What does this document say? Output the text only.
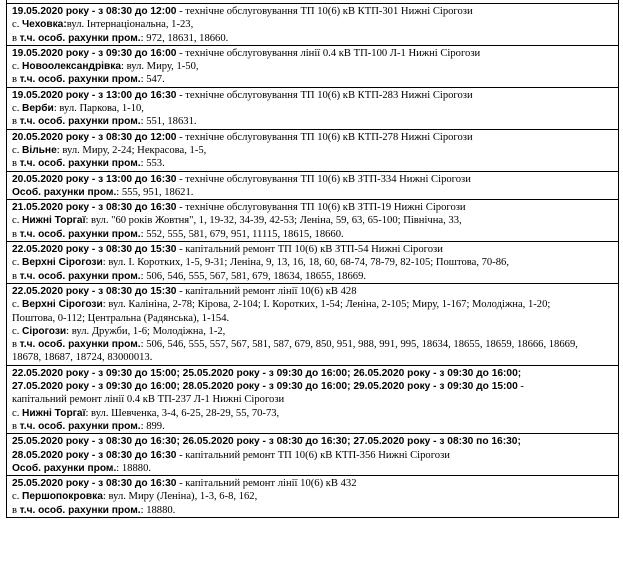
19.05.2020 року - з 08:30 до 12:00 - технічне обслуговування ТП 10(6) кВ КТП-301 Нижні Сірогози
с. Чеховка:вул. Інтернаціональна, 1-23,
в т.ч. особ. рахунки пром.: 972, 18631, 18660.
19.05.2020 року - з 09:30 до 16:00 - технічне обслуговування лінії 0.4 кВ ТП-100 Л-1 Нижні Сірогози
с. Новоолександрівка: вул. Миру, 1-50,
в т.ч. особ. рахунки пром.: 547.
19.05.2020 року - з 13:00 до 16:30 - технічне обслуговування ТП 10(6) кВ КТП-283 Нижні Сірогози
с. Верби: вул. Паркова, 1-10,
в т.ч. особ. рахунки пром.: 551, 18631.
20.05.2020 року - з 08:30 до 12:00 - технічне обслуговування ТП 10(6) кВ КТП-278 Нижні Сірогози
с. Вільне: вул. Миру, 2-24; Некрасова, 1-5,
в т.ч. особ. рахунки пром.: 553.
20.05.2020 року - з 13:00 до 16:30 - технічне обслуговування ТП 10(6) кВ ЗТП-334 Нижні Сірогози
Особ. рахунки пром.: 555, 951, 18621.
21.05.2020 року - з 08:30 до 16:30 - технічне обслуговування ТП 10(6) кВ ЗТП-19 Нижні Сірогози
с. Нижні Торгаї: вул. "60 років Жовтня", 1, 19-32, 34-39, 42-53; Леніна, 59, 63, 65-100; Північна, 33,
в т.ч. особ. рахунки пром.: 552, 555, 581, 679, 951, 11115, 18615, 18660.
22.05.2020 року - з 08:30 до 15:30 - капітальний ремонт ТП 10(6) кВ ЗТП-54 Нижні Сірогози
с. Верхні Сірогози: вул. І. Коротких, 1-5, 9-31; Леніна, 9, 13, 16, 18, 60, 68-74, 78-79, 82-105; Поштова, 70-86,
в т.ч. особ. рахунки пром.: 506, 546, 555, 567, 581, 679, 18634, 18655, 18669.
22.05.2020 року - з 08:30 до 15:30 - капітальний ремонт лінії 10(6) кВ 428
с. Верхні Сірогози: вул. Калініна, 2-78; Кірова, 2-104; І. Коротких, 1-54; Леніна, 2-105; Миру, 1-167; Молодіжна, 1-20;
Поштова, 0-112; Центральна (Радянська), 1-154.
с. Сірогози: вул. Дружби, 1-6; Молодіжна, 1-2,
в т.ч. особ. рахунки пром.: 506, 546, 555, 557, 567, 581, 587, 679, 850, 951, 988, 991, 995, 18634, 18655, 18659, 18666, 18669,
18678, 18687, 18724, 83000013.
22.05.2020 року - з 09:30 до 15:00; 25.05.2020 року - з 09:30 до 16:00; 26.05.2020 року - з 09:30 до 16:00;
27.05.2020 року - з 09:30 до 16:00; 28.05.2020 року - з 09:30 до 16:00; 29.05.2020 року - з 09:30 до 15:00 -
капітальний ремонт лінії 0.4 кВ ТП-237 Л-1 Нижні Сірогози
с. Нижні Торгаї: вул. Шевченка, 3-4, 6-25, 28-29, 55, 70-73,
в т.ч. особ. рахунки пром.: 899.
25.05.2020 року - з 08:30 до 16:30; 26.05.2020 року - з 08:30 до 16:30; 27.05.2020 року - з 08:30 по 16:30;
28.05.2020 року - з 08:30 до 16:30 - капітальний ремонт ТП 10(6) кВ КТП-356 Нижні Сірогози
Особ. рахунки пром.: 18880.
25.05.2020 року - з 08:30 до 16:30 - капітальний ремонт лінії 10(6) кВ 432
с. Першопокровка: вул. Миру (Леніна), 1-3, 6-8, 162,
в т.ч. особ. рахунки пром.: 18880.
